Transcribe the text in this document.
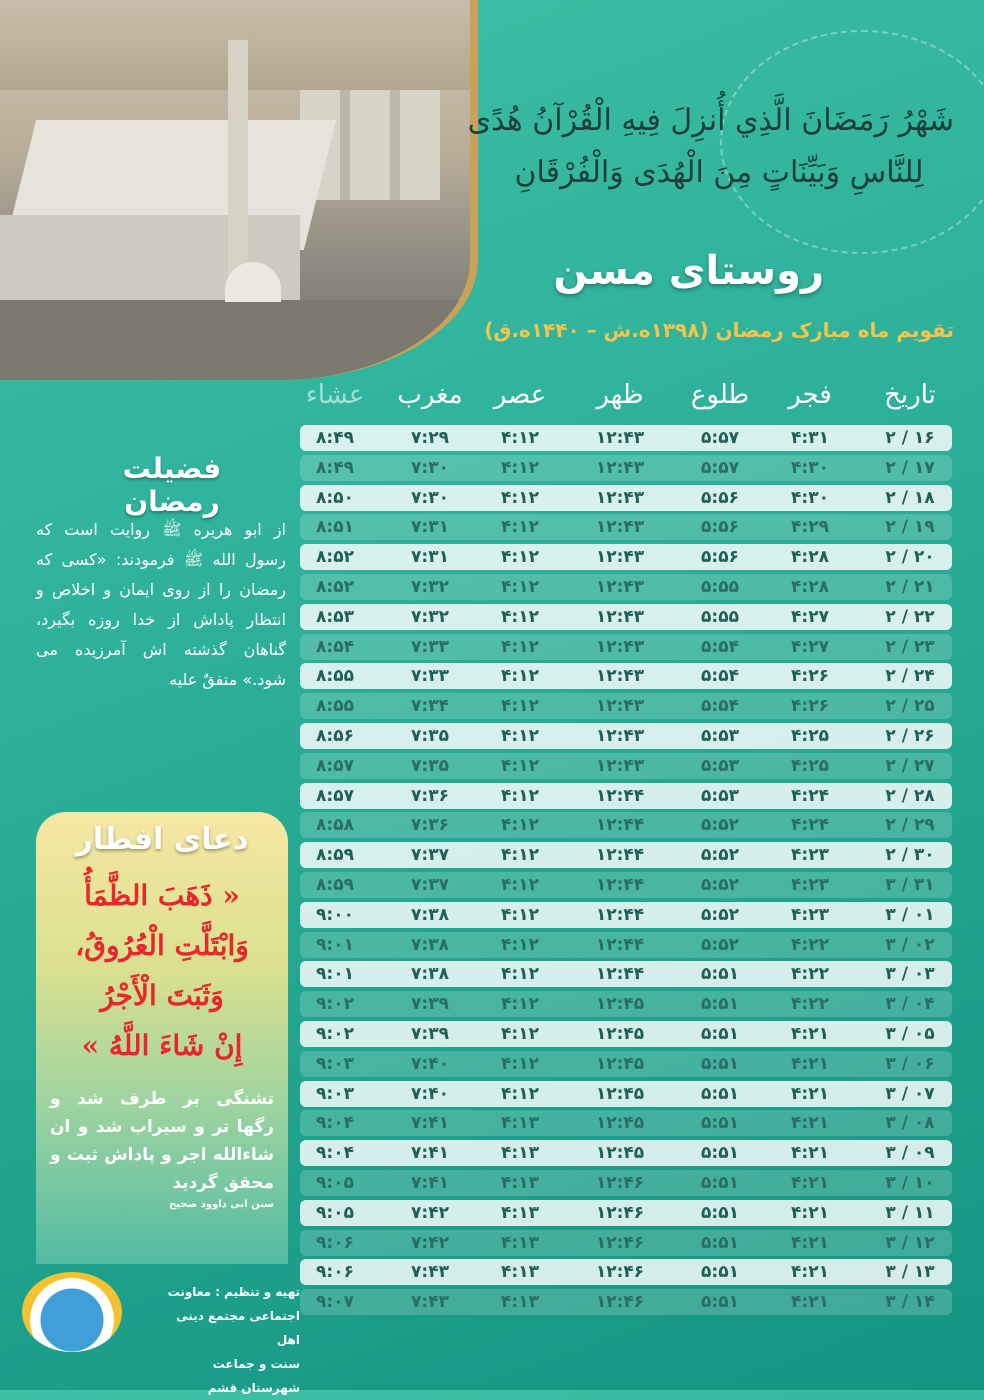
شَهْرُ رَمَضَانَ الَّذِي أُنزِلَ فِيهِ الْقُرْآنُ هُدًى
لِلنَّاسِ وَبَيِّنَاتٍ مِنَ الْهُدَى وَالْفُرْقَانِ
روستای مسن
تقویم ماه مبارک رمضان (۱۳۹۸ه.ش – ۱۴۴۰ه.ق)
تاریخ
فجر
طلوع
ظهر
عصر
مغرب
عشاء
۲ / ۱۶
۴:۳۱
۵:۵۷
۱۲:۴۳
۴:۱۲
۷:۲۹
۸:۴۹
۲ / ۱۷
۴:۳۰
۵:۵۷
۱۲:۴۳
۴:۱۲
۷:۳۰
۸:۴۹
۲ / ۱۸
۴:۳۰
۵:۵۶
۱۲:۴۳
۴:۱۲
۷:۳۰
۸:۵۰
۲ / ۱۹
۴:۲۹
۵:۵۶
۱۲:۴۳
۴:۱۲
۷:۳۱
۸:۵۱
۲ / ۲۰
۴:۲۸
۵:۵۶
۱۲:۴۳
۴:۱۲
۷:۳۱
۸:۵۲
۲ / ۲۱
۴:۲۸
۵:۵۵
۱۲:۴۳
۴:۱۲
۷:۳۲
۸:۵۲
۲ / ۲۲
۴:۲۷
۵:۵۵
۱۲:۴۳
۴:۱۲
۷:۳۲
۸:۵۳
۲ / ۲۳
۴:۲۷
۵:۵۴
۱۲:۴۳
۴:۱۲
۷:۳۳
۸:۵۴
۲ / ۲۴
۴:۲۶
۵:۵۴
۱۲:۴۳
۴:۱۲
۷:۳۳
۸:۵۵
۲ / ۲۵
۴:۲۶
۵:۵۴
۱۲:۴۳
۴:۱۲
۷:۳۴
۸:۵۵
۲ / ۲۶
۴:۲۵
۵:۵۳
۱۲:۴۳
۴:۱۲
۷:۳۵
۸:۵۶
۲ / ۲۷
۴:۲۵
۵:۵۳
۱۲:۴۳
۴:۱۲
۷:۳۵
۸:۵۷
۲ / ۲۸
۴:۲۴
۵:۵۳
۱۲:۴۴
۴:۱۲
۷:۳۶
۸:۵۷
۲ / ۲۹
۴:۲۴
۵:۵۲
۱۲:۴۴
۴:۱۲
۷:۳۶
۸:۵۸
۲ / ۳۰
۴:۲۳
۵:۵۲
۱۲:۴۴
۴:۱۲
۷:۳۷
۸:۵۹
۳ / ۳۱
۴:۲۳
۵:۵۲
۱۲:۴۴
۴:۱۲
۷:۳۷
۸:۵۹
۳ / ۰۱
۴:۲۳
۵:۵۲
۱۲:۴۴
۴:۱۲
۷:۳۸
۹:۰۰
۳ / ۰۲
۴:۲۲
۵:۵۲
۱۲:۴۴
۴:۱۲
۷:۳۸
۹:۰۱
۳ / ۰۳
۴:۲۲
۵:۵۱
۱۲:۴۴
۴:۱۲
۷:۳۸
۹:۰۱
۳ / ۰۴
۴:۲۲
۵:۵۱
۱۲:۴۵
۴:۱۲
۷:۳۹
۹:۰۲
۳ / ۰۵
۴:۲۱
۵:۵۱
۱۲:۴۵
۴:۱۲
۷:۳۹
۹:۰۲
۳ / ۰۶
۴:۲۱
۵:۵۱
۱۲:۴۵
۴:۱۲
۷:۴۰
۹:۰۳
۳ / ۰۷
۴:۲۱
۵:۵۱
۱۲:۴۵
۴:۱۲
۷:۴۰
۹:۰۳
۳ / ۰۸
۴:۲۱
۵:۵۱
۱۲:۴۵
۴:۱۳
۷:۴۱
۹:۰۴
۳ / ۰۹
۴:۲۱
۵:۵۱
۱۲:۴۵
۴:۱۳
۷:۴۱
۹:۰۴
۳ / ۱۰
۴:۲۱
۵:۵۱
۱۲:۴۶
۴:۱۳
۷:۴۱
۹:۰۵
۳ / ۱۱
۴:۲۱
۵:۵۱
۱۲:۴۶
۴:۱۳
۷:۴۲
۹:۰۵
۳ / ۱۲
۴:۲۱
۵:۵۱
۱۲:۴۶
۴:۱۳
۷:۴۲
۹:۰۶
۳ / ۱۳
۴:۲۱
۵:۵۱
۱۲:۴۶
۴:۱۳
۷:۴۳
۹:۰۶
۳ / ۱۴
۴:۲۱
۵:۵۱
۱۲:۴۶
۴:۱۳
۷:۴۳
۹:۰۷
فضیلت رمضان
از ابو هریره ﷺ روایت است که رسول الله ﷺ فرمودند: «کسی که رمضان را از روی ایمان و اخلاص و انتظار پاداش از خدا روزه بگیرد، گناهان گذشته اش آمرزیده می شود.» متفقٌ علیه
دعای افطار
« ذَهَبَ الظَّمَأُ
وَابْتَلَّتِ الْعُرُوقُ،
وَثَبَتَ الْأَجْرُ
إِنْ شَاءَ اللَّهُ »
تشنگی بر طرف شد و رگها تر و سیراب شد و ان شاءالله اجر و پاداش ثبت و محقق گردید
سنن ابی داوود صحیح
تهیه و تنظیم : معاونت
اجتماعی مجتمع دینی اهل
سنت و جماعت شهرستان قشم
